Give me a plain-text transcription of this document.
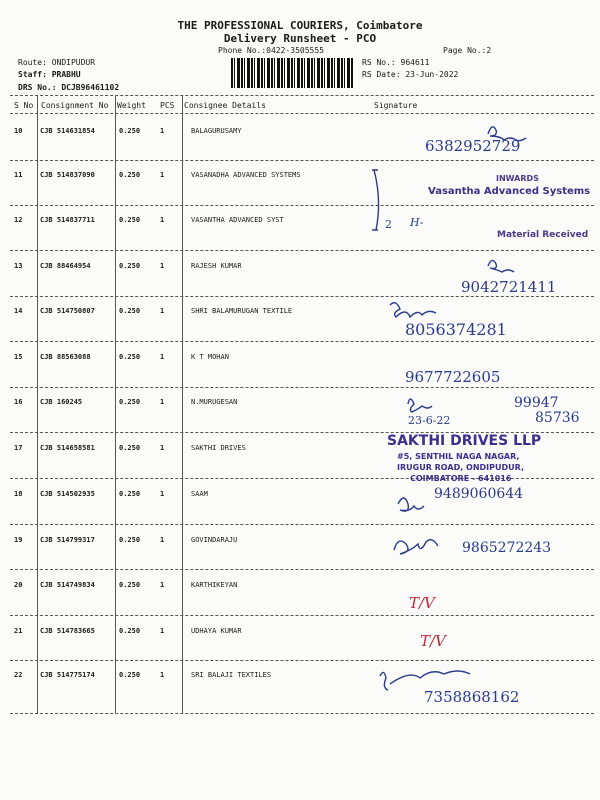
THE PROFESSIONAL COURIERS, Coimbatore
Delivery Runsheet - PCO
Phone No.:0422-3505555	Page No.:2
Route: ONDIPUDUR
Staff: PRABHU
DRS No.: DCJB96461102
RS No.: 964611
RS Date: 23-Jun-2022
S No Consignment No Weight PCS Consignee Details	Signature
10	CJB 514631854	0.250	1	BALAGURUSAMY
11	CJB 514837090	0.250	1	VASANADHA ADVANCED SYSTEMS
12	CJB 514837711	0.250	1	VASANTHA ADVANCED SYST
13	CJB 88464954	0.250	1	RAJESH KUMAR
14	CJB 514750807	0.250	1	SHRI BALAMURUGAN TEXTILE
15	CJB 88563088	0.250	1	K T MOHAN
16	CJB 160245	0.250	1	N.MURUGESAN
17	CJB 514658581	0.250	1	SAKTHI DRIVES
18	CJB 514502935	0.250	1	SAAM
19	CJB 514799317	0.250	1	GOVINDARAJU
20	CJB 514749834	0.250	1	KARTHIKEYAN
21	CJB 514783665	0.250	1	UDHAYA KUMAR
22	CJB 514775174	0.250	1	SRI BALAJI TEXTILES
6382952729
INWARDS
Vasantha Advanced Systems
2 H-
Material Received
9042721411
8056374281
9677722605
23-6-22
99947
85736
SAKTHI DRIVES LLP
#5, SENTHIL NAGA NAGAR,
IRUGUR ROAD, ONDIPUDUR,
COIMBATORE - 641016
9489060644
9865272243
T/V
T/V
7358868162
